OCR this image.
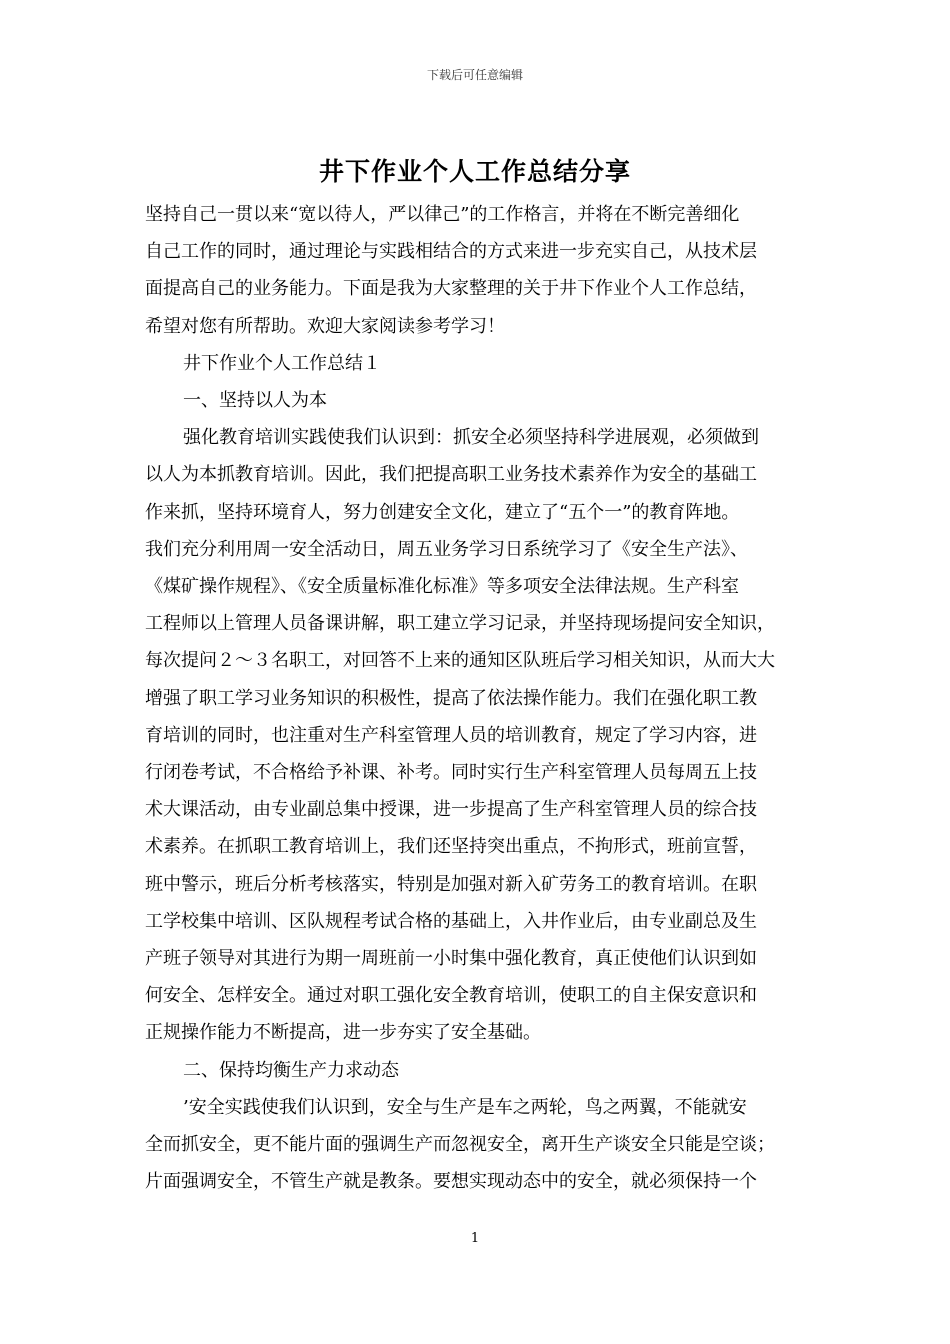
下载后可任意编辑
井下作业个人工作总结分享
坚持自己一贯以来“宽以待人，严以律己”的工作格言，并将在不断完善细化
自己工作的同时，通过理论与实践相结合的方式来进一步充实自己，从技术层
面提高自己的业务能力。下面是我为大家整理的关于井下作业个人工作总结，
希望对您有所帮助。欢迎大家阅读参考学习！
井下作业个人工作总结１
一、坚持以人为本
强化教育培训实践使我们认识到：抓安全必须坚持科学进展观，必须做到
以人为本抓教育培训。因此，我们把提高职工业务技术素养作为安全的基础工
作来抓，坚持环境育人，努力创建安全文化，建立了“五个一”的教育阵地。
我们充分利用周一安全活动日，周五业务学习日系统学习了《安全生产法》、
《煤矿操作规程》、《安全质量标准化标准》等多项安全法律法规。生产科室
工程师以上管理人员备课讲解，职工建立学习记录，并坚持现场提问安全知识，
每次提问２～３名职工，对回答不上来的通知区队班后学习相关知识，从而大大
增强了职工学习业务知识的积极性，提高了依法操作能力。我们在强化职工教
育培训的同时，也注重对生产科室管理人员的培训教育，规定了学习内容，进
行闭卷考试，不合格给予补课、补考。同时实行生产科室管理人员每周五上技
术大课活动，由专业副总集中授课，进一步提高了生产科室管理人员的综合技
术素养。在抓职工教育培训上，我们还坚持突出重点，不拘形式，班前宣誓，
班中警示，班后分析考核落实，特别是加强对新入矿劳务工的教育培训。在职
工学校集中培训、区队规程考试合格的基础上，入井作业后，由专业副总及生
产班子领导对其进行为期一周班前一小时集中强化教育，真正使他们认识到如
何安全、怎样安全。通过对职工强化安全教育培训，使职工的自主保安意识和
正规操作能力不断提高，进一步夯实了安全基础。
二、保持均衡生产力求动态
’安全实践使我们认识到，安全与生产是车之两轮，鸟之两翼，不能就安
全而抓安全，更不能片面的强调生产而忽视安全，离开生产谈安全只能是空谈；
片面强调安全，不管生产就是教条。要想实现动态中的安全，就必须保持一个
1
